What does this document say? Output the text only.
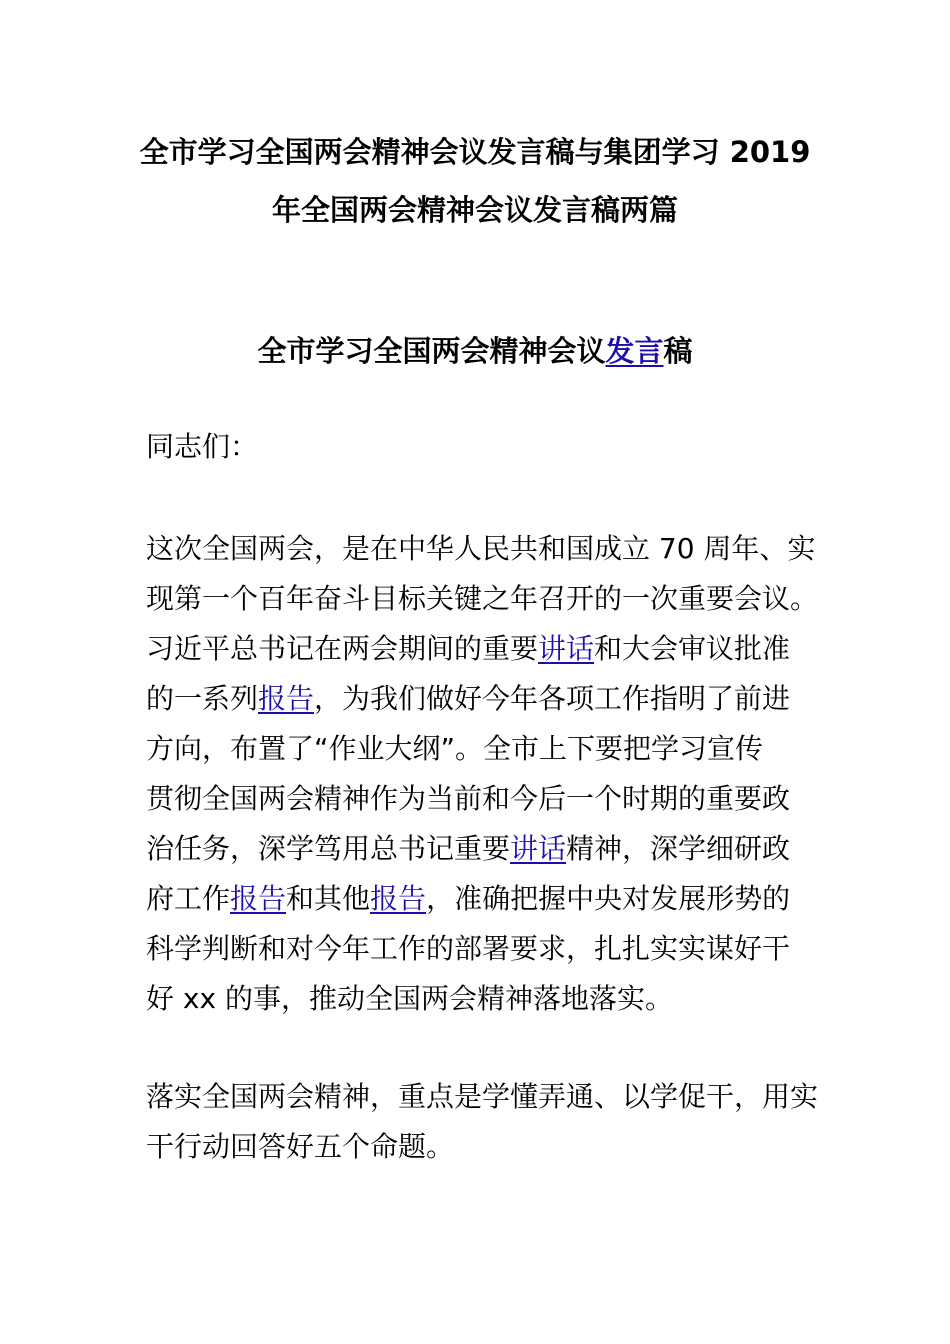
全市学习全国两会精神会议发言稿与集团学习 2019
年全国两会精神会议发言稿两篇
全市学习全国两会精神会议发言稿

同志们：

这次全国两会，是在中华人民共和国成立 70 周年、实
现第一个百年奋斗目标关键之年召开的一次重要会议。
习近平总书记在两会期间的重要讲话和大会审议批准
的一系列报告，为我们做好今年各项工作指明了前进
方向，布置了“作业大纲”。全市上下要把学习宣传
贯彻全国两会精神作为当前和今后一个时期的重要政
治任务，深学笃用总书记重要讲话精神，深学细研政
府工作报告和其他报告，准确把握中央对发展形势的
科学判断和对今年工作的部署要求，扎扎实实谋好干
好 xx 的事，推动全国两会精神落地落实。

落实全国两会精神，重点是学懂弄通、以学促干，用实
干行动回答好五个命题。
